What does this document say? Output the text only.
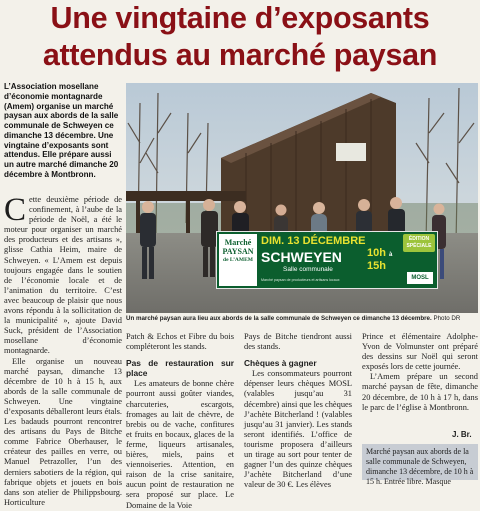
Une vingtaine d’exposants
attendus au marché paysan
L’Association mosellane d’économie montagnarde (Amem) organise un marché paysan aux abords de la salle communale de Schweyen ce dimanche 13 décembre. Une vingtaine d’exposants sont attendus. Elle prépare aussi un autre marché dimanche 20 décembre à Montbronn.

Cette deuxième période de confinement, à l’aube de la période de Noël, a été le moteur pour organiser un marché des producteurs et des artisans », glisse Cathia Heim, maire de Schweyen. « L’Amem est depuis toujours engagée dans le soutien de l’économie locale et de l’animation du territoire. C’est avec beaucoup de plaisir que nous avons répondu à la sollicitation de la municipalité », ajoute David Suck, président de l’Association mosellane d’économie montagnarde.

Elle organise un nouveau marché paysan, dimanche 13 décembre de 10 h à 15 h, aux abords de la salle communale de Schweyen. Une vingtaine d’exposants déballeront leurs étals. Les badauds pourront rencontrer des artisans du Pays de Bitche comme Fabrice Oberhauser, le créateur des pailles en verre, ou Manuel Petrazoller, l’un des derniers sabotiers de la région, qui fabrique objets et jouets en bois dans son atelier de Philippsbourg. Horticulture

Marché
PAYSAN
de L’AMEM
DIM. 13 DÉCEMBRE
SCHWEYEN
Salle communale
Marché paysan de producteurs et artisans locaux
10h à
15h
ÉDITION
SPÉCIALE
MOSL
Un marché paysan aura lieu aux abords de la salle communale de Schweyen ce dimanche 13 décembre. Photo DR

Patch & Echos et Fibre du bois compléteront les stands.

Pas de restauration sur place

Les amateurs de bonne chère pourront aussi goûter viandes, charcuteries, escargots, fromages au lait de chèvre, de brebis ou de vache, confitures et fruits en bocaux, glaces de la ferme, liqueurs artisanales, bières, miels, pains et viennoiseries. Attention, en raison de la crise sanitaire, aucun point de restauration ne sera proposé sur place. Le Domaine de la Voie

Pays de Bitche tiendront aussi des stands.

Chèques à gagner

Les consommateurs pourront dépenser leurs chèques MOSL (valables jusqu’au 31 décembre) ainsi que les chèques J’achète Bitcherland ! (valables jusqu’au 31 janvier). Les stands seront identifiés. L’office de tourisme proposera d’ailleurs un tirage au sort pour tenter de gagner l’un des quinze chèques J’achète Bitcherland d’une valeur de 30 €. Les élèves

Prince et élémentaire Adolphe-Yvon de Volmunster ont préparé des dessins sur Noël qui seront exposés lors de cette journée.

L’Amem prépare un second marché paysan de fête, dimanche 20 décembre, de 10 h à 17 h, dans le parc de l’église à Montbronn.

J. Br.
Marché paysan aux abords de la salle communale de Schweyen, dimanche 13 décembre, de 10 h à 15 h. Entrée libre. Masque
